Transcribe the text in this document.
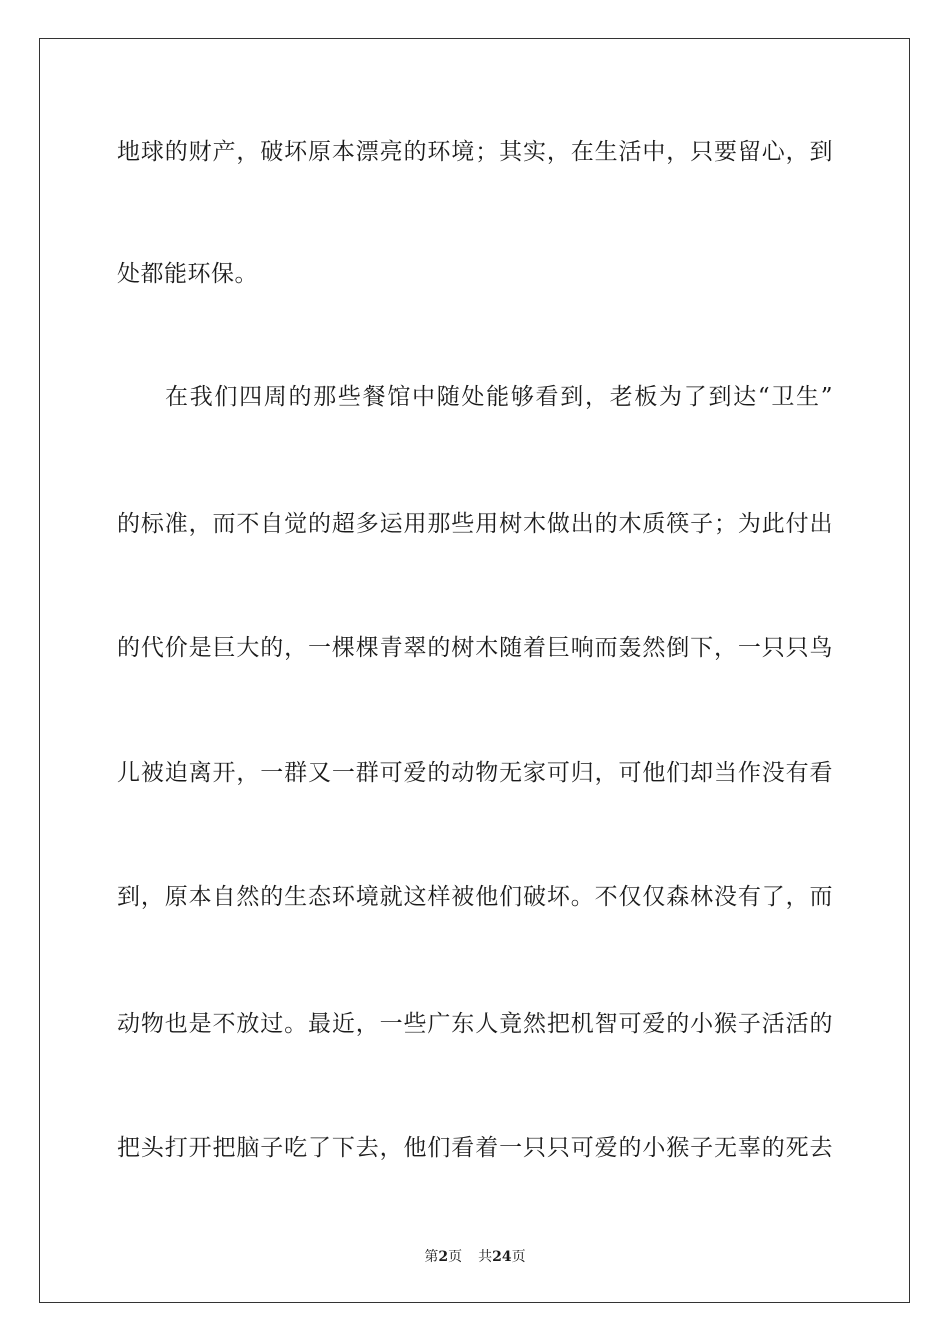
地球的财产，破坏原本漂亮的环境；其实，在生活中，只要留心，到
处都能环保。
在我们四周的那些餐馆中随处能够看到，老板为了到达“卫生”
的标准，而不自觉的超多运用那些用树木做出的木质筷子；为此付出
的代价是巨大的，一棵棵青翠的树木随着巨响而轰然倒下，一只只鸟
儿被迫离开，一群又一群可爱的动物无家可归，可他们却当作没有看
到，原本自然的生态环境就这样被他们破坏。不仅仅森林没有了，而
动物也是不放过。最近，一些广东人竟然把机智可爱的小猴子活活的
把头打开把脑子吃了下去，他们看着一只只可爱的小猴子无辜的死去
第2页 共24页
